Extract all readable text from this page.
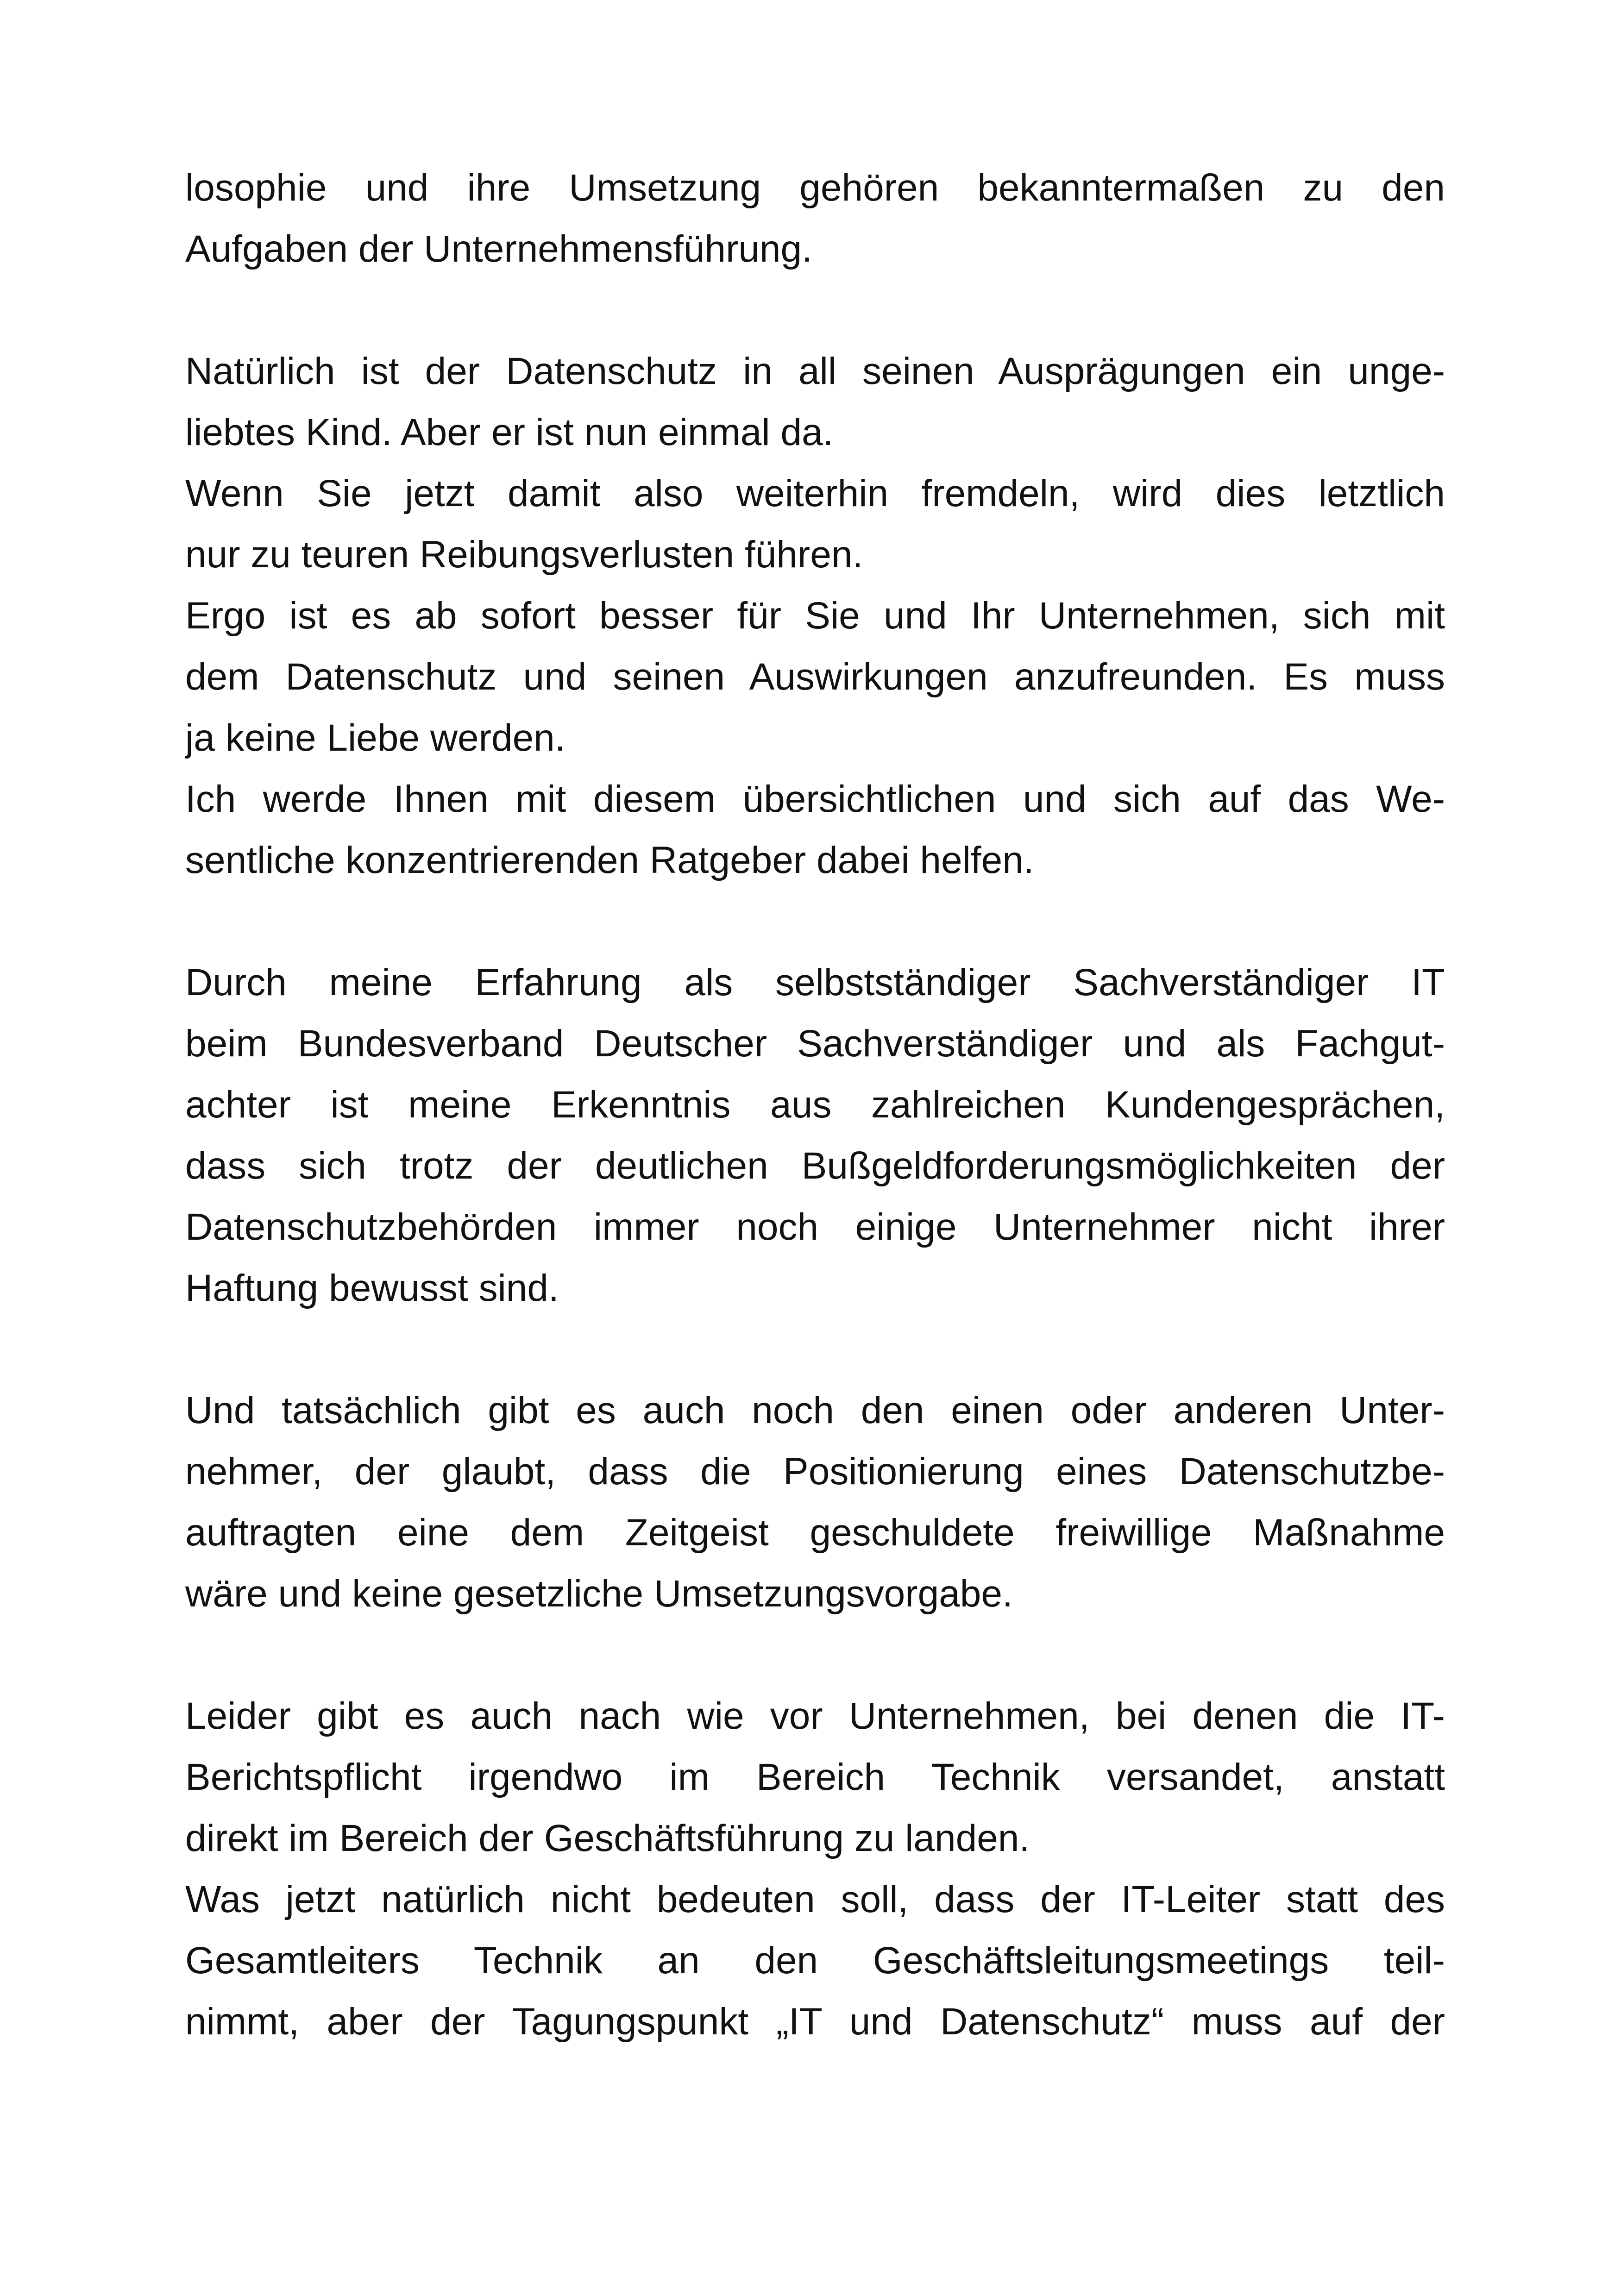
losophie und ihre Umsetzung gehören bekanntermaßen zu den
Aufgaben der Unternehmensführung.
Natürlich ist der Datenschutz in all seinen Ausprägungen ein unge-
liebtes Kind. Aber er ist nun einmal da.
Wenn Sie jetzt damit also weiterhin fremdeln, wird dies letztlich
nur zu teuren Reibungsverlusten führen.
Ergo ist es ab sofort besser für Sie und Ihr Unternehmen, sich mit
dem Datenschutz und seinen Auswirkungen anzufreunden. Es muss
ja keine Liebe werden.
Ich werde Ihnen mit diesem übersichtlichen und sich auf das We-
sentliche konzentrierenden Ratgeber dabei helfen.
Durch meine Erfahrung als selbstständiger Sachverständiger IT
beim Bundesverband Deutscher Sachverständiger und als Fachgut-
achter ist meine Erkenntnis aus zahlreichen Kundengesprächen,
dass sich trotz der deutlichen Bußgeldforderungsmöglichkeiten der
Datenschutzbehörden immer noch einige Unternehmer nicht ihrer
Haftung bewusst sind.
Und tatsächlich gibt es auch noch den einen oder anderen Unter-
nehmer, der glaubt, dass die Positionierung eines Datenschutzbe-
auftragten eine dem Zeitgeist geschuldete freiwillige Maßnahme
wäre und keine gesetzliche Umsetzungsvorgabe.
Leider gibt es auch nach wie vor Unternehmen, bei denen die IT-
Berichtspflicht irgendwo im Bereich Technik versandet, anstatt
direkt im Bereich der Geschäftsführung zu landen.
Was jetzt natürlich nicht bedeuten soll, dass der IT-Leiter statt des
Gesamtleiters Technik an den Geschäftsleitungsmeetings teil-
nimmt, aber der Tagungspunkt „IT und Datenschutz“ muss auf der
